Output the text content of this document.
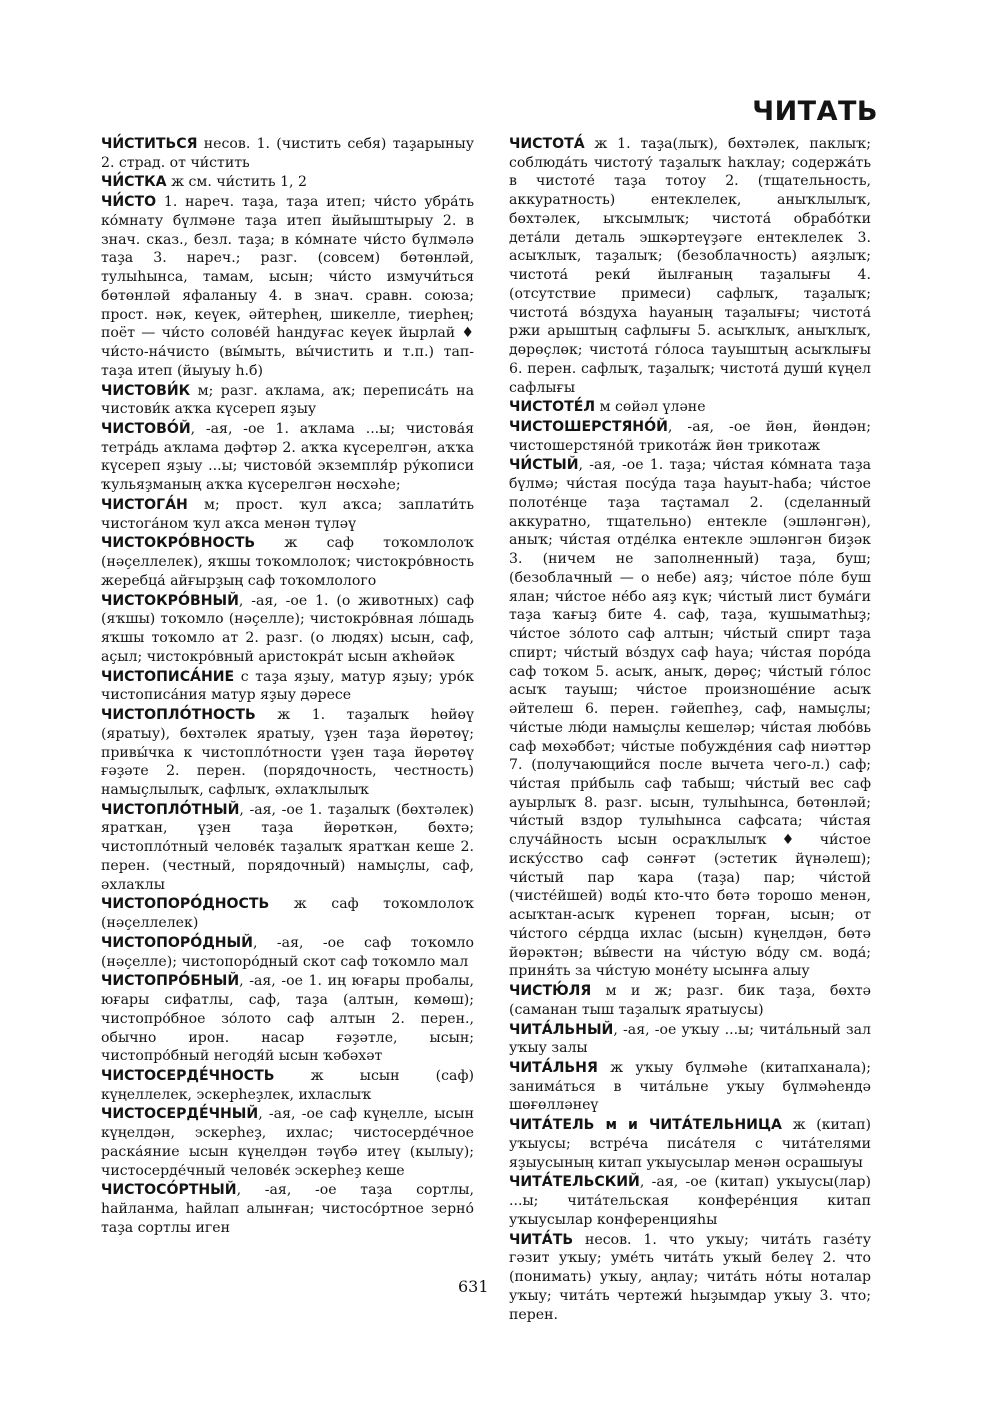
ЧИТАТЬ

ЧИ́СТИТЬСЯ несов. 1. (чистить себя) таҙарыныу 2. страд. от чи́стить

ЧИ́СТКА ж см. чи́стить 1, 2

ЧИ́СТО 1. нареч. таҙа, таҙа итеп; чи́сто убра́ть ко́мнату бүлмәне таҙа итеп йыйыштырыу 2. в знач. сказ., безл. таҙа; в ко́мнате чи́сто бүлмәлә таҙа 3. нареч.; разг. (совсем) бөтөнләй, тулыһынса, тамам, ысын; чи́сто измучи́ться бөтөнләй яфаланыу 4. в знач. сравн. союза; прост. нәк, кеүек, әйтерһең, шикелле, тиерһең; поёт — чи́сто солове́й һандуғас кеүек йырлай ♦ чи́сто-на́чисто (вы́мыть, вы́чистить и т.п.) тап-таҙа итеп (йыуыу һ.б)

ЧИСТОВИ́К м; разг. аҡлама, аҡ; переписа́ть на чистови́к аҡҡа күсереп яҙыу

ЧИСТОВО́Й, -ая, -ое 1. аҡлама ...ы; чистова́я тетра́дь аҡлама дәфтәр 2. аҡҡа күсерелгән, аҡҡа күсереп яҙыу ...ы; чистово́й экземпля́р ру́кописи ҡульяҙманың аҡҡа күсерелгән нөсхәһе;

ЧИСТОГА́Н м; прост. ҡул аҡса; заплати́ть чистога́ном ҡул аҡса менән түләү

ЧИСТОКРО́ВНОСТЬ ж саф тоҡомлолоҡ (нәҫеллелек), яҡшы тоҡомлолоҡ; чистокро́вность жеребца́ айғырҙың саф тоҡомлолого

ЧИСТОКРО́ВНЫЙ, -ая, -ое 1. (о животных) саф (яҡшы) тоҡомло (нәҫелле); чистокро́вная ло́шадь яҡшы тоҡомло ат 2. разг. (о людях) ысын, саф, аҫыл; чистокро́вный аристокра́т ысын аҡһөйәк

ЧИСТОПИСА́НИЕ с таҙа яҙыу, матур яҙыу; уро́к чистописа́ния матур яҙыу дәресе

ЧИСТОПЛО́ТНОСТЬ ж 1. таҙалыҡ һөйөү (яратыу), бөхтәлек яратыу, үҙен таҙа йөрөтөү; привы́чка к чистопло́тности үҙен таҙа йөрөтөү ғәҙәте 2. перен. (порядочность, честность) намыҫлылыҡ, сафлыҡ, әхлаҡлылыҡ

ЧИСТОПЛО́ТНЫЙ, -ая, -ое 1. таҙалыҡ (бөхтәлек) яратҡан, үҙен таҙа йөрөткән, бөхтә; чистопло́тный челове́к таҙалыҡ яратҡан кеше 2. перен. (честный, порядочный) намыҫлы, саф, әхлаҡлы

ЧИСТОПОРО́ДНОСТЬ ж саф тоҡомлолоҡ (нәҫеллелек)

ЧИСТОПОРО́ДНЫЙ, -ая, -ое саф тоҡомло (нәҫелле); чистопоро́дный скот саф тоҡомло мал

ЧИСТОПРО́БНЫЙ, -ая, -ое 1. иң юғары пробалы, юғары сифатлы, саф, таҙа (алтын, көмөш); чистопро́бное зо́лото саф алтын 2. перен., обычно ирон. насар ғәҙәтле, ысын; чистопро́бный негодя́й ысын ҡәбәхәт

ЧИСТОСЕРДЕ́ЧНОСТЬ	ж ысын (саф) күңеллелек, эскерһеҙлек, ихласлыҡ

ЧИСТОСЕРДЕ́ЧНЫЙ, -ая, -ое саф күңелле, ысын күңелдән, эскерһеҙ, ихлас; чистосерде́чное раска́яние ысын күңелдән тәүбә итеү (кылыу); чистосерде́чный челове́к эскерһеҙ кеше

ЧИСТОСО́РТНЫЙ, -ая, -ое таҙа сортлы, һайланма, һайлап алынған; чистосо́ртное зерно́ таҙа сортлы иген

ЧИСТОТА́ ж 1. таҙа(лыҡ), бөхтәлек, паклыҡ; соблюда́ть чистоту́ таҙалыҡ һаҡлау; содержа́ть в чистоте́ таҙа тотоу 2. (тщательность, аккуратность) ентеклелек, аныҡлылыҡ, бөхтәлек, ыҡсымлыҡ; чистота́ обрабо́тки дета́ли деталь эшкәртеүҙәге ентеклелек 3. асыҡлыҡ, таҙалыҡ; (безоблачность) аяҙлыҡ; чистота́ реки́ йылғаның таҙалығы 4. (отсутствие примеси) сафлыҡ, таҙалыҡ; чистота́ во́здуха һауаның таҙалығы; чистота́ ржи арыштың сафлығы 5. асыҡлыҡ, аныҡлыҡ, дөрөҫлөк; чистота́ го́лоса тауыштың асыҡлығы 6. перен. сафлыҡ, таҙалыҡ; чистота́ души́ күңел сафлығы

ЧИСТОТЕ́Л м сөйәл үләне

ЧИСТОШЕРСТЯНО́Й, -ая, -ое йөн, йөндән; чистошерстяно́й трикота́ж йөн трикотаж

ЧИ́СТЫЙ, -ая, -ое 1. таҙа; чи́стая ко́мната таҙа бүлмә; чи́стая посу́да таҙа һауыт-һаба; чи́стое полоте́нце таҙа таҫтамал 2. (сделанный аккуратно, тщательно) ентекле (эшләнгән), аныҡ; чи́стая отде́лка ентекле эшләнгән биҙәк 3. (ничем не заполненный) таҙа, буш; (безоблачный — о небе) аяҙ; чи́стое по́ле буш ялан; чи́стое не́бо аяҙ күк; чи́стый лист бума́ги таҙа ҡағыҙ бите 4. саф, таҙа, ҡушыматһыҙ; чи́стое зо́лото саф алтын; чи́стый спирт таҙа спирт; чи́стый во́здух саф һауа; чи́стая поро́да саф тоҡом 5. асыҡ, аныҡ, дөрөҫ; чи́стый го́лос асыҡ тауыш; чи́стое произноше́ние асыҡ әйтелеш 6. перен. гәйепһеҙ, саф, намыҫлы; чи́стые лю́ди намыҫлы кешеләр; чи́стая любо́вь саф мөхәббәт; чи́стые побужде́ния саф ниәттәр 7. (получающийся после вычета чего-л.) саф; чи́стая при́быль саф табыш; чи́стый вес саф ауырлыҡ 8. разг. ысын, тулыһынса, бөтөнләй; чи́стый вздор тулыһынса сафсата; чи́стая случа́йность ысын осраҡлылыҡ ♦ чи́стое иску́сство саф сәнғәт (эстетик йүнәлеш); чи́стый пар ҡара (таҙа) пар; чи́стой (чисте́йшей) воды́ кто-что бөтә торошо менән, асыҡтан-асыҡ күренеп торған, ысын; от чи́стого се́рдца ихлас (ысын) күңелдән, бөтә йөрәктән; вы́вести на чи́стую во́ду см. вода́; приня́ть за чи́стую моне́ту ысынға алыу

ЧИСТЮ́ЛЯ м и ж; разг. бик таҙа, бөхтә (саманан тыш таҙалыҡ яратыусы)

ЧИТА́ЛЬНЫЙ, -ая, -ое уҡыу ...ы; чита́льный зал уҡыу залы

ЧИТА́ЛЬНЯ ж уҡыу бүлмәһе (китапханала); занима́ться в чита́льне уҡыу бүлмәһендә шөғөлләнеү

ЧИТА́ТЕЛЬ м и ЧИТА́ТЕЛЬНИЦА ж (китап) уҡыусы; встре́ча писа́теля с чита́телями яҙыусының китап уҡыусылар менән осрашыуы

ЧИТА́ТЕЛЬСКИЙ, -ая, -ое (китап) уҡыусы(лар) ...ы; чита́тельская конфере́нция китап уҡыусылар конференцияһы

ЧИТА́ТЬ несов. 1. что уҡыу; чита́ть газе́ту гәзит уҡыу; уме́ть чита́ть уҡый белеү 2. что (понимать) уҡыу, аңлау; чита́ть но́ты ноталар уҡыу; чита́ть чертежи́ һыҙымдар уҡыу 3. что; перен.

631
